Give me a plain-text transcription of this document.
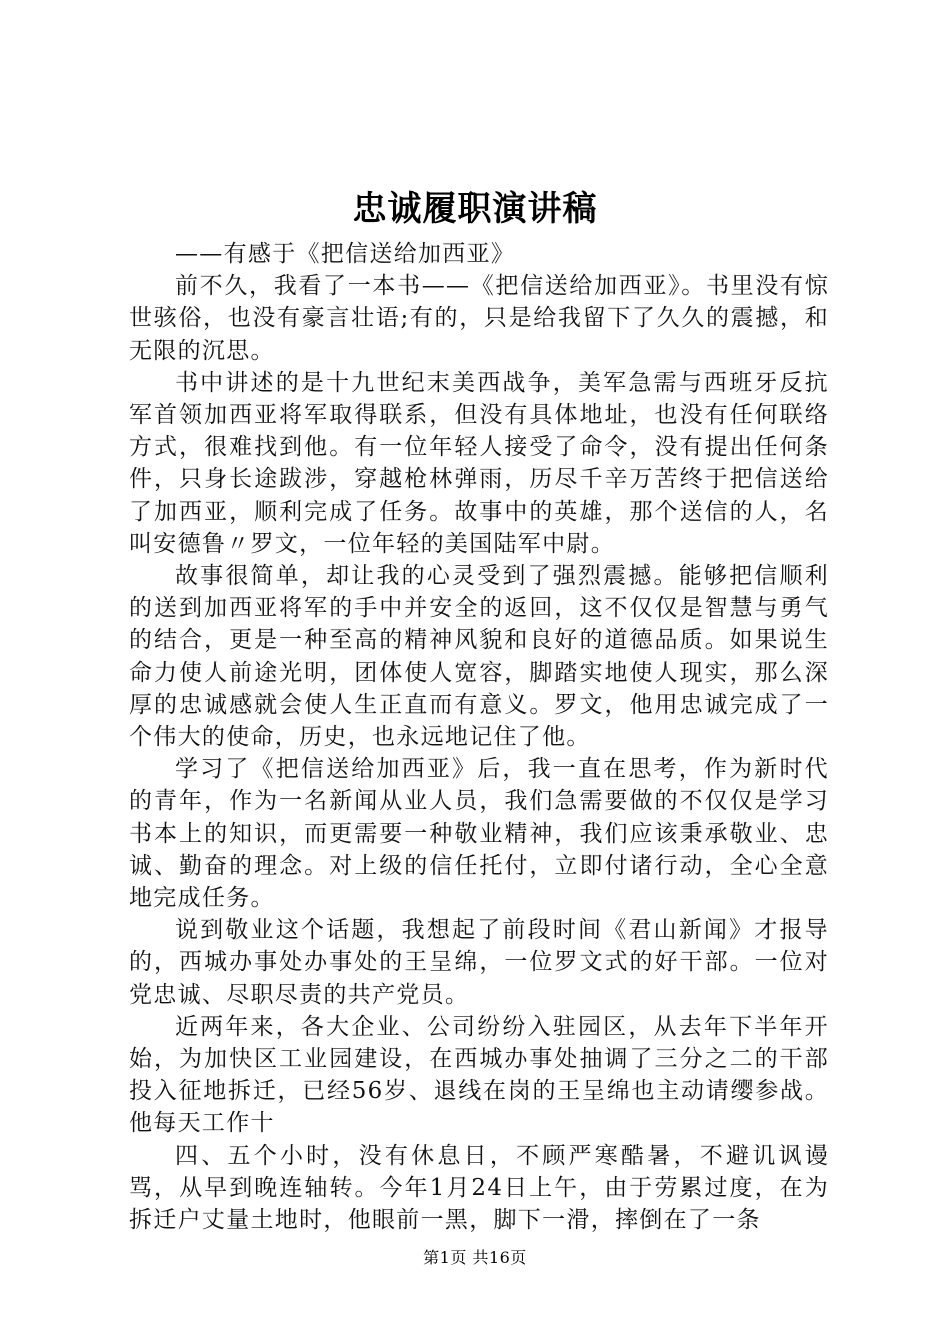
忠诚履职演讲稿

——有感于《把信送给加西亚》

前不久，我看了一本书——《把信送给加西亚》。书里没有惊世骇俗，也没有豪言壮语;有的，只是给我留下了久久的震撼，和无限的沉思。

书中讲述的是十九世纪末美西战争，美军急需与西班牙反抗军首领加西亚将军取得联系，但没有具体地址，也没有任何联络方式，很难找到他。有一位年轻人接受了命令，没有提出任何条件，只身长途跋涉，穿越枪林弹雨，历尽千辛万苦终于把信送给了加西亚，顺利完成了任务。故事中的英雄，那个送信的人，名叫安德鲁〃罗文，一位年轻的美国陆军中尉。

故事很简单，却让我的心灵受到了强烈震撼。能够把信顺利的送到加西亚将军的手中并安全的返回，这不仅仅是智慧与勇气的结合，更是一种至高的精神风貌和良好的道德品质。如果说生命力使人前途光明，团体使人宽容，脚踏实地使人现实，那么深厚的忠诚感就会使人生正直而有意义。罗文，他用忠诚完成了一个伟大的使命，历史，也永远地记住了他。

学习了《把信送给加西亚》后，我一直在思考，作为新时代的青年，作为一名新闻从业人员，我们急需要做的不仅仅是学习书本上的知识，而更需要一种敬业精神，我们应该秉承敬业、忠诚、勤奋的理念。对上级的信任托付，立即付诸行动，全心全意地完成任务。

说到敬业这个话题，我想起了前段时间《君山新闻》才报导的，西城办事处办事处的王呈绵，一位罗文式的好干部。一位对党忠诚、尽职尽责的共产党员。

近两年来，各大企业、公司纷纷入驻园区，从去年下半年开始，为加快区工业园建设，在西城办事处抽调了三分之二的干部投入征地拆迁，已经56岁、退线在岗的王呈绵也主动请缨参战。他每天工作十

四、五个小时，没有休息日，不顾严寒酷暑，不避讥讽谩骂，从早到晚连轴转。今年1月24日上午，由于劳累过度，在为拆迁户丈量土地时，他眼前一黑，脚下一滑，摔倒在了一条

第1页 共16页
